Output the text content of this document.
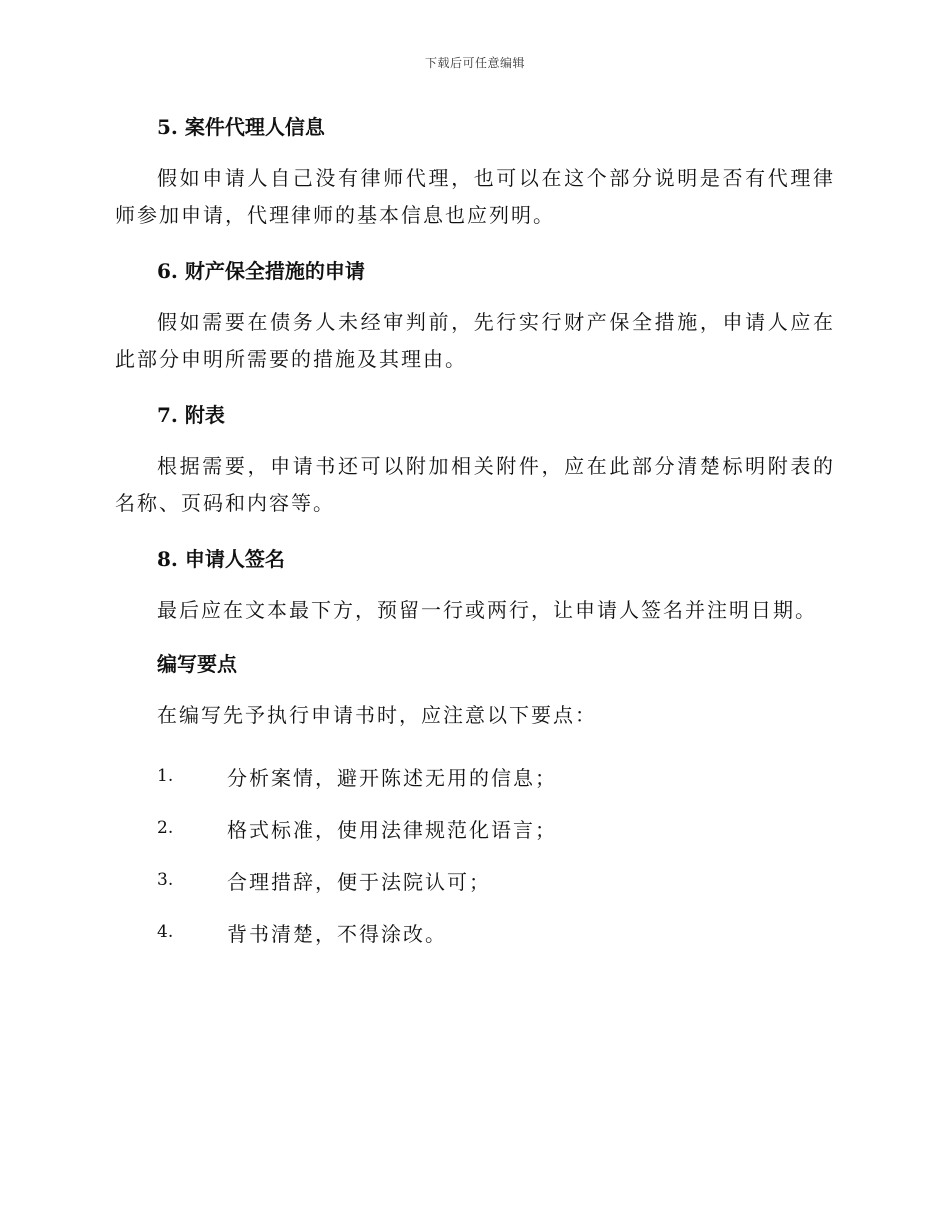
下载后可任意编辑
5. 案件代理人信息

假如申请人自己没有律师代理，也可以在这个部分说明是否有代理律师参加申请，代理律师的基本信息也应列明。

6. 财产保全措施的申请

假如需要在债务人未经审判前，先行实行财产保全措施，申请人应在此部分申明所需要的措施及其理由。

7. 附表

根据需要，申请书还可以附加相关附件，应在此部分清楚标明附表的名称、页码和内容等。

8. 申请人签名

最后应在文本最下方，预留一行或两行，让申请人签名并注明日期。

编写要点

在编写先予执行申请书时，应注意以下要点：

1.	分析案情，避开陈述无用的信息；
2.	格式标准，使用法律规范化语言；
3.	合理措辞，便于法院认可；
4.	背书清楚，不得涂改。
